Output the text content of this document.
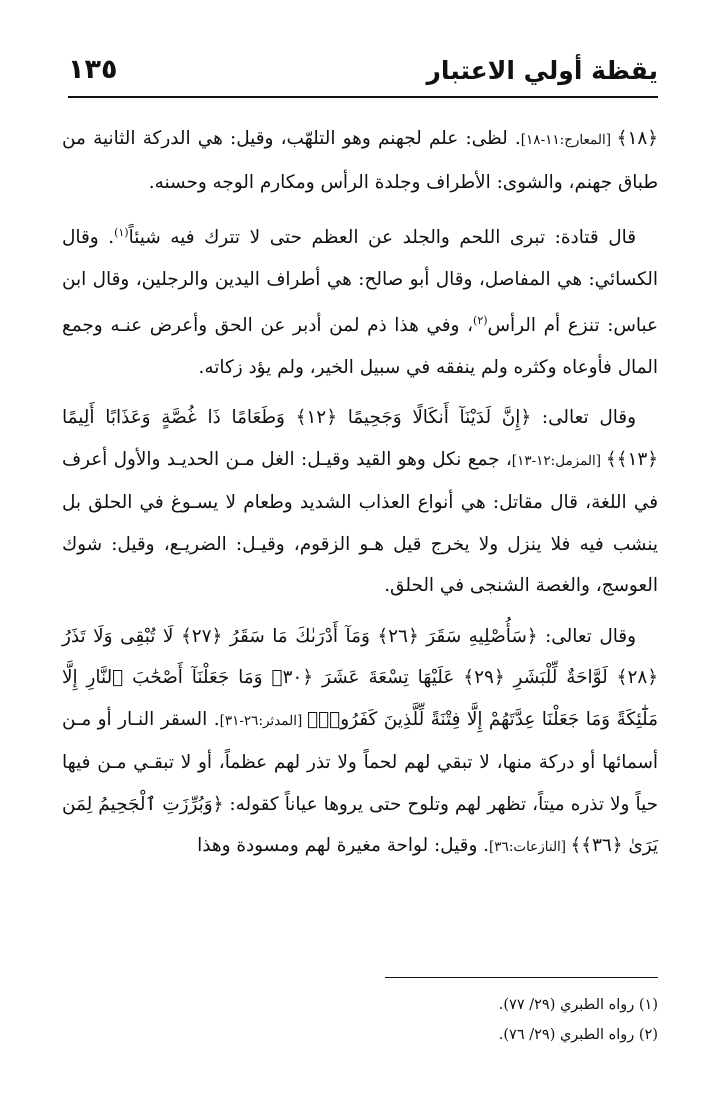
يقظة أولي الاعتبار
١٣٥

﴿١٨﴾ [المعارج:١١-١٨]. لظى: علم لجهنم وهو التلهّب، وقيل: هي الدركة الثانية من طباق جهنم، والشوى: الأطراف وجلدة الرأس ومكارم الوجه وحسنه.

قال قتادة: تبرى اللحم والجلد عن العظم حتى لا تترك فيه شيئاً$^{(١)}$. وقال الكسائي: هي المفاصل، وقال أبو صالح: هي أطراف اليدين والرجلين، وقال ابن عباس: تنزع أم الرأس$^{(٢)}$، وفي هذا ذم لمن أدبر عن الحق وأعرض عنـه وجمع المال فأوعاه وكثره ولم ينفقه في سبيل الخير، ولم يؤد زكاته.

وقال تعالى: ﴿إِنَّ لَدَيْنَآ أَنكَالًا وَجَحِيمًا ﴿١٢﴾ وَطَعَامًا ذَا غُصَّةٍ وَعَذَابًا أَلِيمًا ﴿١٣﴾﴾ [المزمل:١٢-١٣]، جمع نكل وهو القيد وقيـل: الغل مـن الحديـد والأول أعرف في اللغة، قال مقاتل: هي أنواع العذاب الشديد وطعام لا يسـوغ في الحلق بل ينشب فيه فلا ينزل ولا يخرج قيل هـو الزقوم، وقيـل: الضريـع، وقيل: شوك العوسج، والغصة الشنجى في الحلق.

وقال تعالى: ﴿سَأُصْلِيهِ سَقَرَ ﴿٢٦﴾ وَمَآ أَدْرَىٰكَ مَا سَقَرُ ﴿٢٧﴾ لَا تُبْقِى وَلَا تَذَرُ ﴿٢٨﴾ لَوَّاحَةٌ لِّلْبَشَرِ ﴿٢٩﴾ عَلَيْهَا تِسْعَةَ عَشَرَ ﴿٣٠﴾ وَمَا جَعَلْنَآ أَصْحَٰبَ ٱلنَّارِ إِلَّا مَلَٰٓئِكَةً وَمَا جَعَلْنَا عِدَّتَهُمْ إِلَّا فِتْنَةً لِّلَّذِينَ كَفَرُوا۟﴾ [المدثر:٢٦-٣١]. السقر النـار أو مـن أسمائها أو دركة منها، لا تبقي لهم لحماً ولا تذر لهم عظماً، أو لا تبقـي مـن فيها حياً ولا تذره ميتاً، تظهر لهم وتلوح حتى يروها عياناً كقوله: ﴿وَبُرِّزَتِ ٱلْجَحِيمُ لِمَن يَرَىٰ ﴿٣٦﴾﴾ [النازعات:٣٦]. وقيل: لواحة مغيرة لهم ومسودة وهذا

(١) رواه الطبري (٢٩/ ٧٧).
(٢) رواه الطبري (٢٩/ ٧٦).
